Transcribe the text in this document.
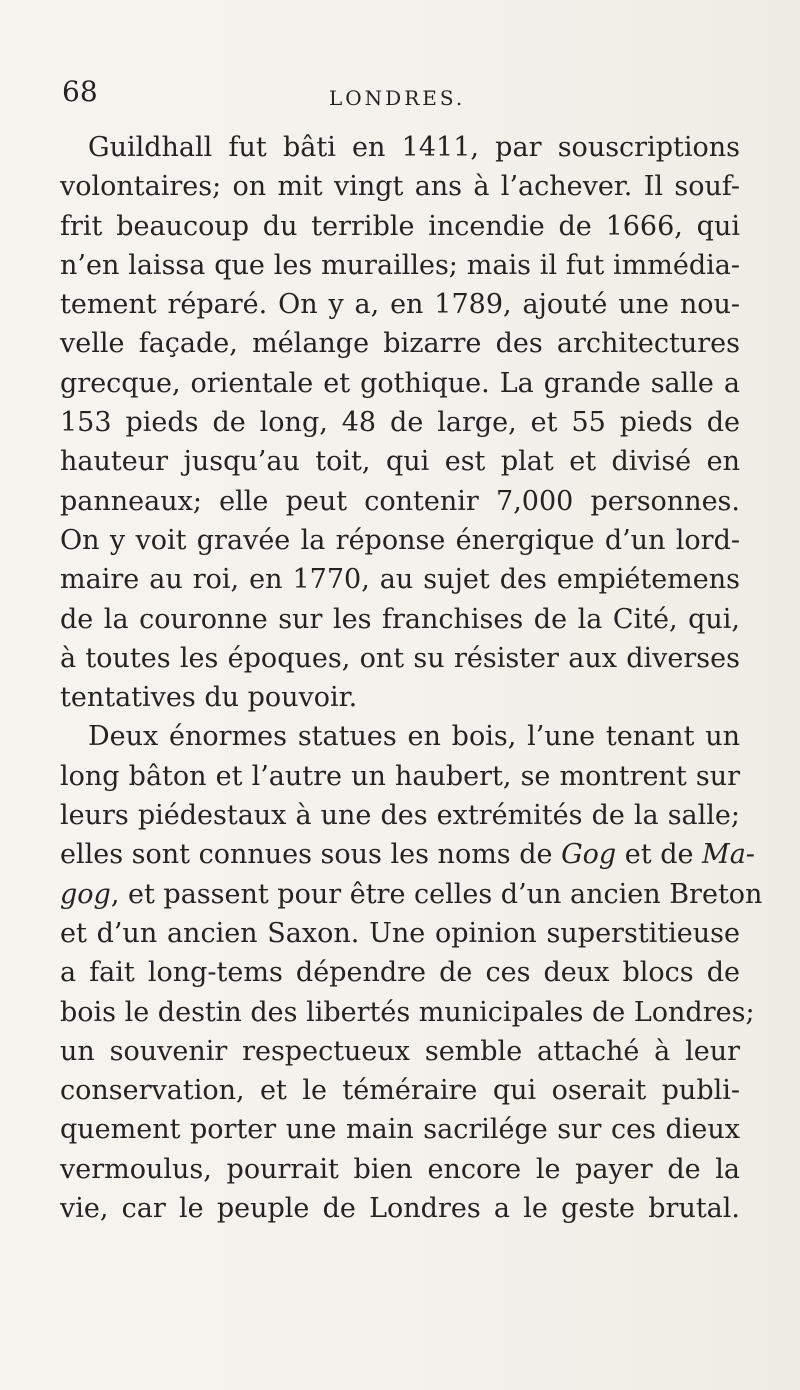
68	LONDRES.
Guildhall fut bâti en 1411, par souscriptions
volontaires; on mit vingt ans à l’achever. Il souf-
frit beaucoup du terrible incendie de 1666, qui
n’en laissa que les murailles; mais il fut immédia-
tement réparé. On y a, en 1789, ajouté une nou-
velle façade, mélange bizarre des architectures
grecque, orientale et gothique. La grande salle a
153 pieds de long, 48 de large, et 55 pieds de
hauteur jusqu’au toit, qui est plat et divisé en
panneaux; elle peut contenir 7,000 personnes.
On y voit gravée la réponse énergique d’un lord-
maire au roi, en 1770, au sujet des empiétemens
de la couronne sur les franchises de la Cité, qui,
à toutes les époques, ont su résister aux diverses
tentatives du pouvoir.
Deux énormes statues en bois, l’une tenant un
long bâton et l’autre un haubert, se montrent sur
leurs piédestaux à une des extrémités de la salle;
elles sont connues sous les noms de Gog et de Ma-
gog, et passent pour être celles d’un ancien Breton
et d’un ancien Saxon. Une opinion superstitieuse
a fait long-tems dépendre de ces deux blocs de
bois le destin des libertés municipales de Londres;
un souvenir respectueux semble attaché à leur
conservation, et le téméraire qui oserait publi-
quement porter une main sacrilége sur ces dieux
vermoulus, pourrait bien encore le payer de la
vie, car le peuple de Londres a le geste brutal.
